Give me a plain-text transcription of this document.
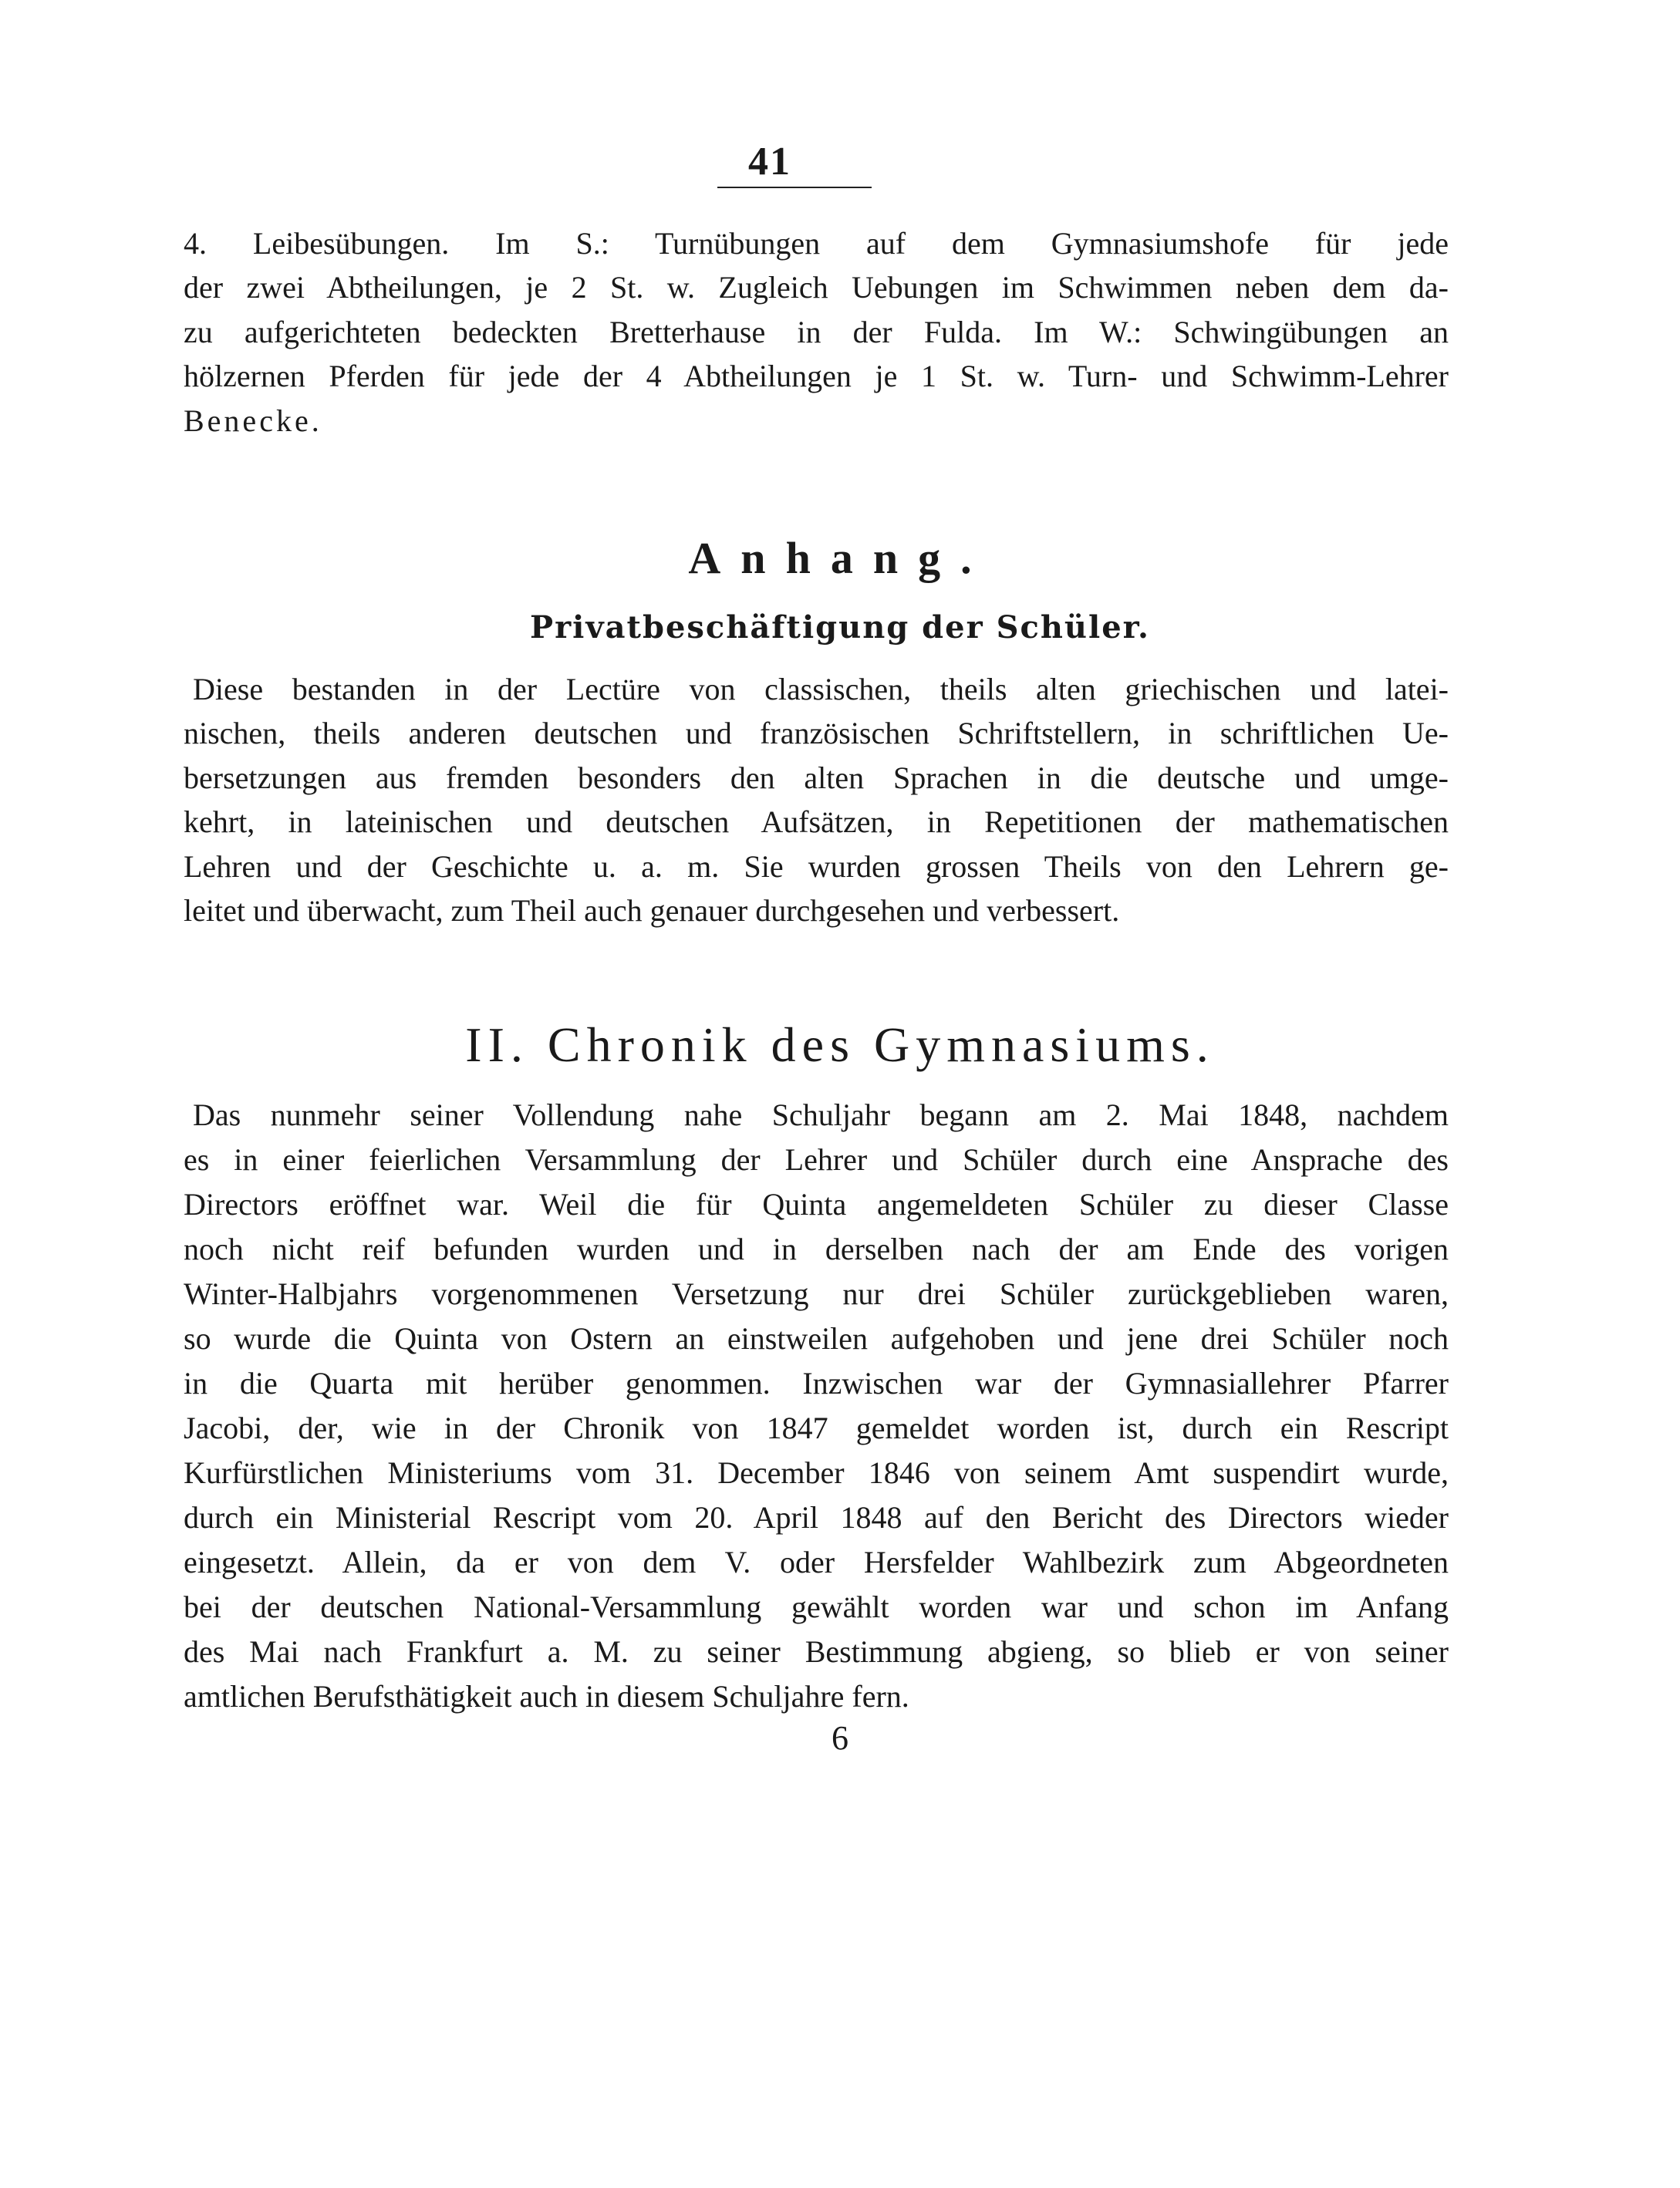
41
4. Leibesübungen. Im S.: Turnübungen auf dem Gymnasiumshofe für jede
der zwei Abtheilungen, je 2 St. w. Zugleich Uebungen im Schwimmen neben dem da-
zu aufgerichteten bedeckten Bretterhause in der Fulda. Im W.: Schwingübungen an
hölzernen Pferden für jede der 4 Abtheilungen je 1 St. w. Turn- und Schwimm-Lehrer
Benecke.
Anhang.
Privatbeschäftigung der Schüler.
Diese bestanden in der Lectüre von classischen, theils alten griechischen und latei-
nischen, theils anderen deutschen und französischen Schriftstellern, in schriftlichen Ue-
bersetzungen aus fremden besonders den alten Sprachen in die deutsche und umge-
kehrt, in lateinischen und deutschen Aufsätzen, in Repetitionen der mathematischen
Lehren und der Geschichte u. a. m. Sie wurden grossen Theils von den Lehrern ge-
leitet und überwacht, zum Theil auch genauer durchgesehen und verbessert.
II. Chronik des Gymnasiums.
Das nunmehr seiner Vollendung nahe Schuljahr begann am 2. Mai 1848, nachdem
es in einer feierlichen Versammlung der Lehrer und Schüler durch eine Ansprache des
Directors eröffnet war. Weil die für Quinta angemeldeten Schüler zu dieser Classe
noch nicht reif befunden wurden und in derselben nach der am Ende des vorigen
Winter-Halbjahrs vorgenommenen Versetzung nur drei Schüler zurückgeblieben waren,
so wurde die Quinta von Ostern an einstweilen aufgehoben und jene drei Schüler noch
in die Quarta mit herüber genommen. Inzwischen war der Gymnasiallehrer Pfarrer
Jacobi, der, wie in der Chronik von 1847 gemeldet worden ist, durch ein Rescript
Kurfürstlichen Ministeriums vom 31. December 1846 von seinem Amt suspendirt wurde,
durch ein Ministerial Rescript vom 20. April 1848 auf den Bericht des Directors wieder
eingesetzt. Allein, da er von dem V. oder Hersfelder Wahlbezirk zum Abgeordneten
bei der deutschen National-Versammlung gewählt worden war und schon im Anfang
des Mai nach Frankfurt a. M. zu seiner Bestimmung abgieng, so blieb er von seiner
amtlichen Berufsthätigkeit auch in diesem Schuljahre fern.
6
